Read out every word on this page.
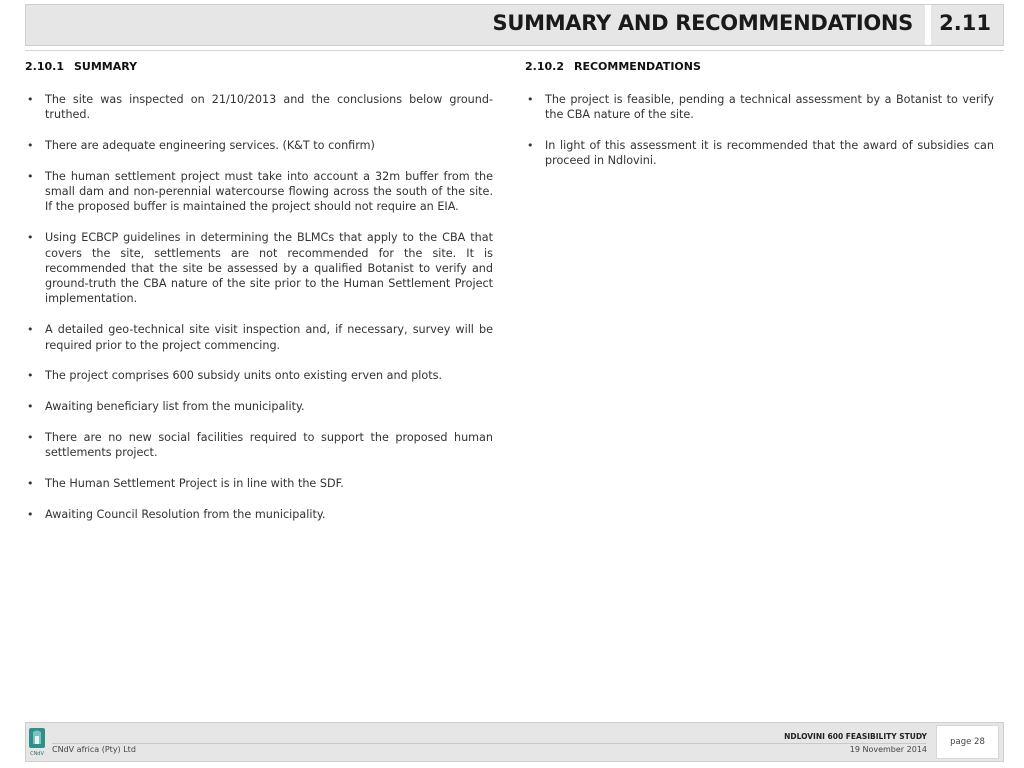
SUMMARY AND RECOMMENDATIONS 2.11
2.10.1 SUMMARY
• The site was inspected on 21/10/2013 and the conclusions below ground-truthed.
• There are adequate engineering services. (K&T to confirm)
• The human settlement project must take into account a 32m buffer from the small dam and non-perennial watercourse flowing across the south of the site. If the proposed buffer is maintained the project should not require an EIA.
• Using ECBCP guidelines in determining the BLMCs that apply to the CBA that covers the site, settlements are not recommended for the site. It is recommended that the site be assessed by a qualified Botanist to verify and ground-truth the CBA nature of the site prior to the Human Settlement Project implementation.
• A detailed geo-technical site visit inspection and, if necessary, survey will be required prior to the project commencing.
• The project comprises 600 subsidy units onto existing erven and plots.
• Awaiting beneficiary list from the municipality.
• There are no new social facilities required to support the proposed human settlements project.
• The Human Settlement Project is in line with the SDF.
• Awaiting Council Resolution from the municipality.
2.10.2 RECOMMENDATIONS
• The project is feasible, pending a technical assessment by a Botanist to verify the CBA nature of the site.
• In light of this assessment it is recommended that the award of subsidies can proceed in Ndlovini.
CNdV CNdV africa (Pty) Ltd
NDLOVINI 600 FEASIBILITY STUDY
19 November 2014
page 28
